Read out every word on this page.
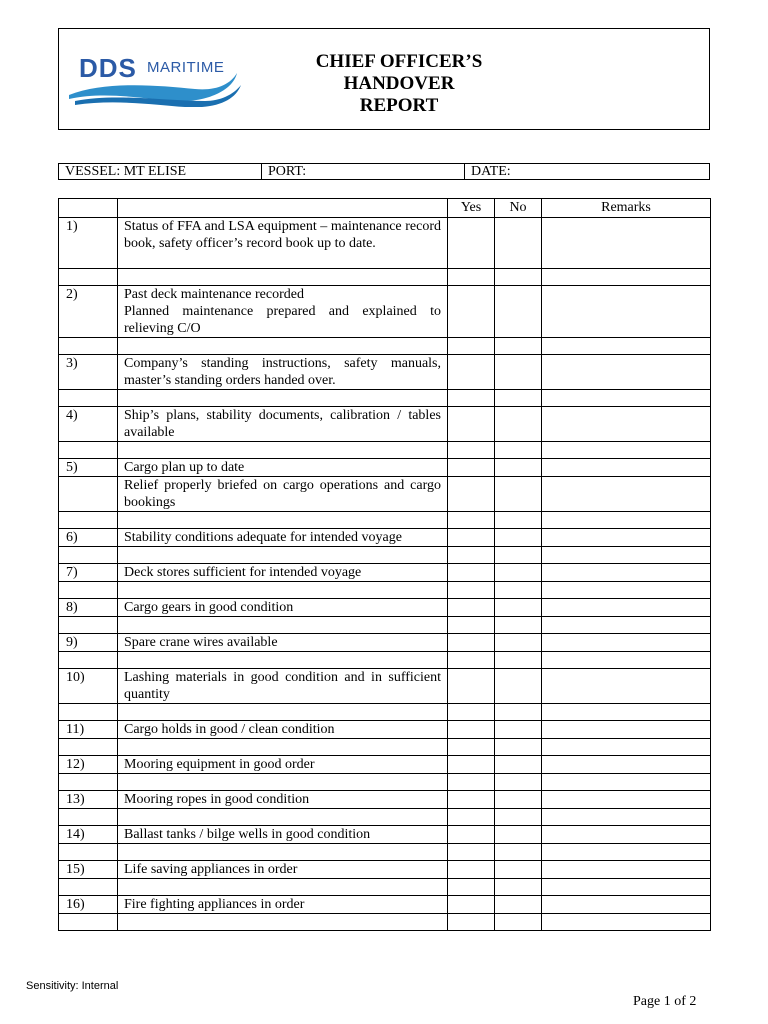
DDS MARITIME	CHIEF OFFICER’S
HANDOVER
REPORT
VESSEL: MT ELISE	PORT:	DATE:
		Yes	No	Remarks
1)	Status of FFA and LSA equipment – maintenance record book, safety officer’s record book up to date.			

2)	Past deck maintenance recorded
Planned maintenance prepared and explained to relieving C/O			

3)	Company’s standing instructions, safety manuals, master’s standing orders handed over.			

4)	Ship’s plans, stability documents, calibration / tables available			

5)	Cargo plan up to date			

	Relief properly briefed on cargo operations and cargo bookings			

6)	Stability conditions adequate for intended voyage			

7)	Deck stores sufficient for intended voyage			

8)	Cargo gears in good condition			

9)	Spare crane wires available			

10)	Lashing materials in good condition and in sufficient quantity			

11)	Cargo holds in good / clean condition			

12)	Mooring equipment in good order			

13)	Mooring ropes in good condition			

14)	Ballast tanks / bilge wells in good condition			

15)	Life saving appliances in order			

16)	Fire fighting appliances in order			

Sensitivity: Internal
Page 1 of 2
